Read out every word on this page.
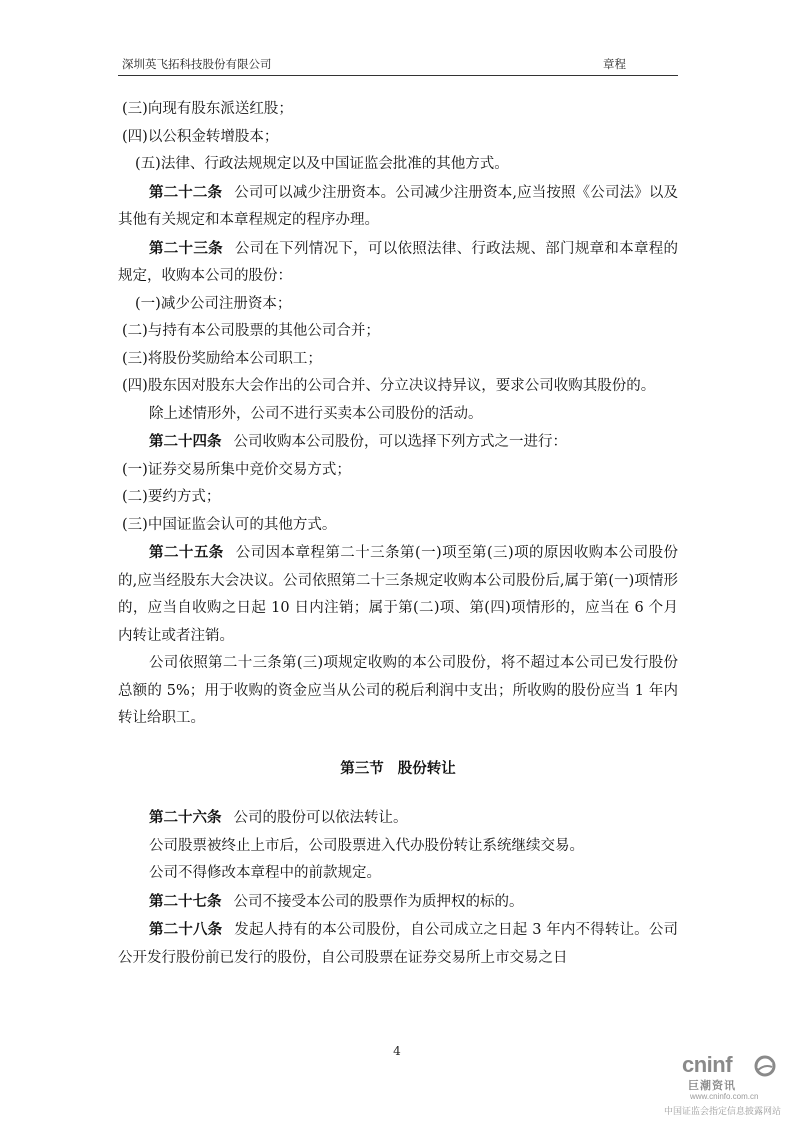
深圳英飞拓科技股份有限公司	章程

(三)向现有股东派送红股；

(四)以公积金转增股本；

(五)法律、行政法规规定以及中国证监会批准的其他方式。

第二十二条 公司可以减少注册资本。公司减少注册资本,应当按照《公司法》以及其他有关规定和本章程规定的程序办理。

第二十三条 公司在下列情况下，可以依照法律、行政法规、部门规章和本章程的规定，收购本公司的股份：

(一)减少公司注册资本；

(二)与持有本公司股票的其他公司合并；

(三)将股份奖励给本公司职工；

(四)股东因对股东大会作出的公司合并、分立决议持异议，要求公司收购其股份的。

除上述情形外，公司不进行买卖本公司股份的活动。

第二十四条 公司收购本公司股份，可以选择下列方式之一进行：

(一)证券交易所集中竞价交易方式；

(二)要约方式；

(三)中国证监会认可的其他方式。

第二十五条 公司因本章程第二十三条第(一)项至第(三)项的原因收购本公司股份的,应当经股东大会决议。公司依照第二十三条规定收购本公司股份后,属于第(一)项情形的，应当自收购之日起 10 日内注销；属于第(二)项、第(四)项情形的，应当在 6 个月内转让或者注销。

公司依照第二十三条第(三)项规定收购的本公司股份，将不超过本公司已发行股份总额的 5%；用于收购的资金应当从公司的税后利润中支出；所收购的股份应当 1 年内转让给职工。

第三节 股份转让

第二十六条 公司的股份可以依法转让。

公司股票被终止上市后，公司股票进入代办股份转让系统继续交易。

公司不得修改本章程中的前款规定。

第二十七条 公司不接受本公司的股票作为质押权的标的。

第二十八条 发起人持有的本公司股份，自公司成立之日起 3 年内不得转让。公司公开发行股份前已发行的股份，自公司股票在证券交易所上市交易之日

4
cninf
巨潮资讯
www.cninfo.com.cn
中国证监会指定信息披露网站
